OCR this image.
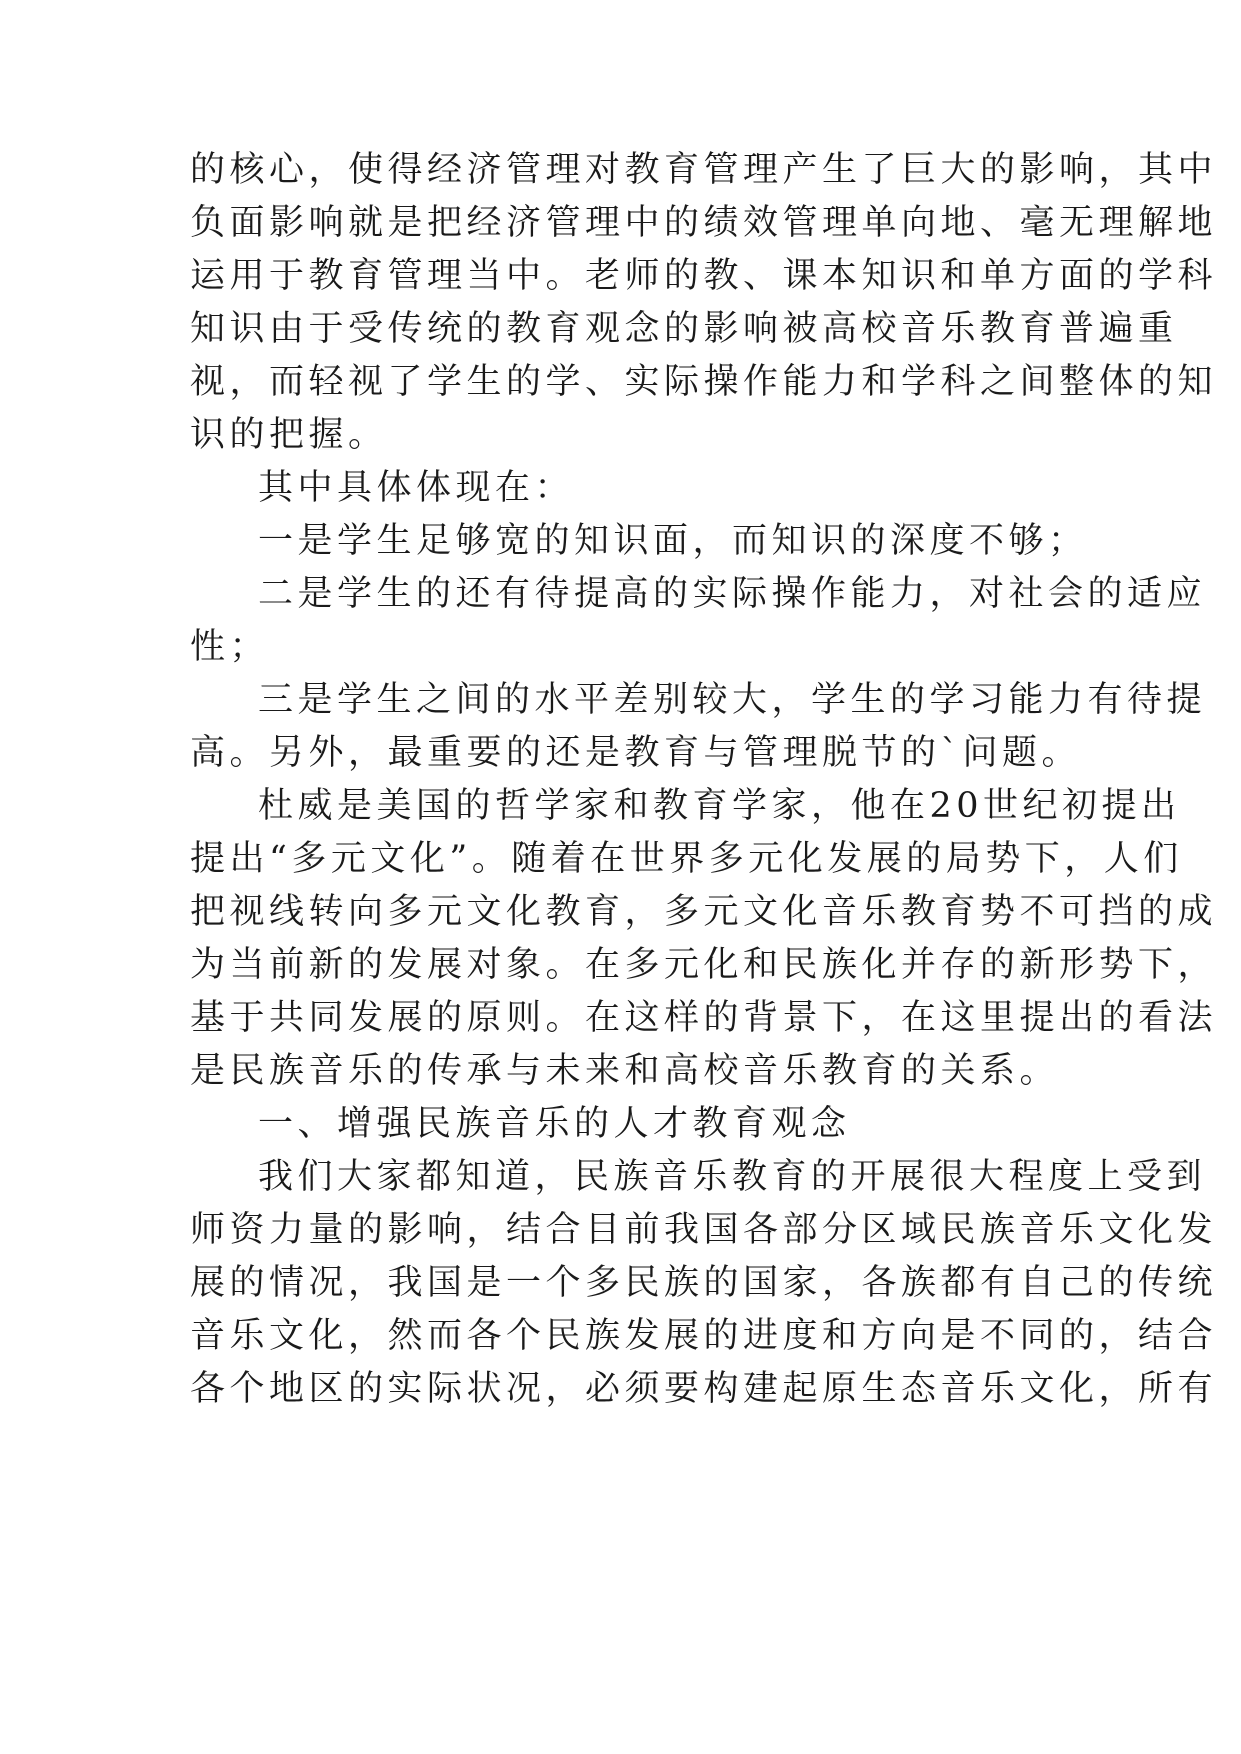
的核心，使得经济管理对教育管理产生了巨大的影响，其中
负面影响就是把经济管理中的绩效管理单向地、毫无理解地
运用于教育管理当中。老师的教、课本知识和单方面的学科
知识由于受传统的教育观念的影响被高校音乐教育普遍重
视，而轻视了学生的学、实际操作能力和学科之间整体的知
识的把握。
其中具体体现在：
一是学生足够宽的知识面，而知识的深度不够；
二是学生的还有待提高的实际操作能力，对社会的适应
性；
三是学生之间的水平差别较大，学生的学习能力有待提
高。另外，最重要的还是教育与管理脱节的`问题。
杜威是美国的哲学家和教育学家，他在20世纪初提出
提出“多元文化”。随着在世界多元化发展的局势下，人们
把视线转向多元文化教育，多元文化音乐教育势不可挡的成
为当前新的发展对象。在多元化和民族化并存的新形势下，
基于共同发展的原则。在这样的背景下，在这里提出的看法
是民族音乐的传承与未来和高校音乐教育的关系。
一、增强民族音乐的人才教育观念
我们大家都知道，民族音乐教育的开展很大程度上受到
师资力量的影响，结合目前我国各部分区域民族音乐文化发
展的情况，我国是一个多民族的国家，各族都有自己的传统
音乐文化，然而各个民族发展的进度和方向是不同的，结合
各个地区的实际状况，必须要构建起原生态音乐文化，所有
